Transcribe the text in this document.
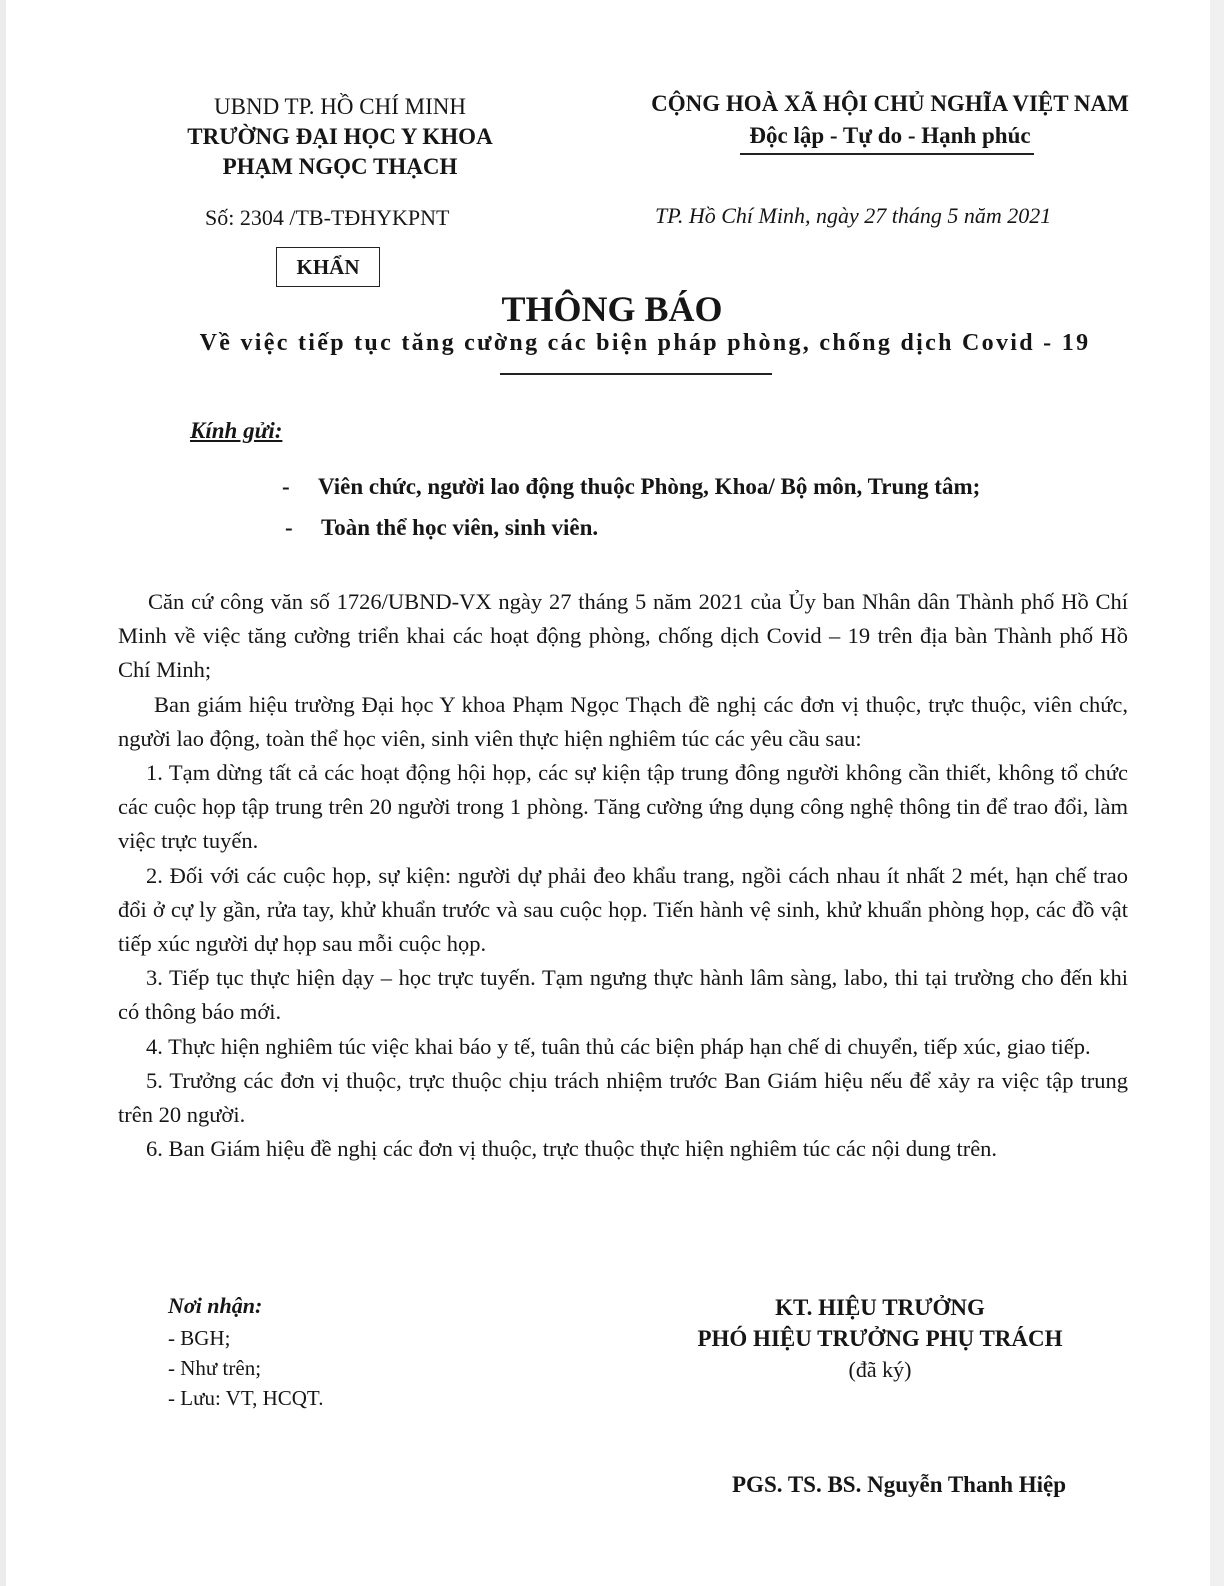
UBND TP. HỒ CHÍ MINH
TRƯỜNG ĐẠI HỌC Y KHOA
PHẠM NGỌC THẠCH
CỘNG HOÀ XÃ HỘI CHỦ NGHĨA VIỆT NAM
Độc lập - Tự do - Hạnh phúc
Số: 2304 /TB-TĐHYKPNT	TP. Hồ Chí Minh, ngày 27 tháng 5 năm 2021
KHẨN
THÔNG BÁO
Về việc tiếp tục tăng cường các biện pháp phòng, chống dịch Covid - 19
Kính gửi:
- Viên chức, người lao động thuộc Phòng, Khoa/ Bộ môn, Trung tâm;
- Toàn thể học viên, sinh viên.

Căn cứ công văn số 1726/UBND-VX ngày 27 tháng 5 năm 2021 của Ủy ban Nhân dân Thành phố Hồ Chí Minh về việc tăng cường triển khai các hoạt động phòng, chống dịch Covid – 19 trên địa bàn Thành phố Hồ Chí Minh;

Ban giám hiệu trường Đại học Y khoa Phạm Ngọc Thạch đề nghị các đơn vị thuộc, trực thuộc, viên chức, người lao động, toàn thể học viên, sinh viên thực hiện nghiêm túc các yêu cầu sau:

1. Tạm dừng tất cả các hoạt động hội họp, các sự kiện tập trung đông người không cần thiết, không tổ chức các cuộc họp tập trung trên 20 người trong 1 phòng. Tăng cường ứng dụng công nghệ thông tin để trao đổi, làm việc trực tuyến.

2. Đối với các cuộc họp, sự kiện: người dự phải đeo khẩu trang, ngồi cách nhau ít nhất 2 mét, hạn chế trao đổi ở cự ly gần, rửa tay, khử khuẩn trước và sau cuộc họp. Tiến hành vệ sinh, khử khuẩn phòng họp, các đồ vật tiếp xúc người dự họp sau mỗi cuộc họp.

3. Tiếp tục thực hiện dạy – học trực tuyến. Tạm ngưng thực hành lâm sàng, labo, thi tại trường cho đến khi có thông báo mới.

4. Thực hiện nghiêm túc việc khai báo y tế, tuân thủ các biện pháp hạn chế di chuyển, tiếp xúc, giao tiếp.

5. Trưởng các đơn vị thuộc, trực thuộc chịu trách nhiệm trước Ban Giám hiệu nếu để xảy ra việc tập trung trên 20 người.

6. Ban Giám hiệu đề nghị các đơn vị thuộc, trực thuộc thực hiện nghiêm túc các nội dung trên.

Nơi nhận:
- BGH;
- Như trên;
- Lưu: VT, HCQT.
KT. HIỆU TRƯỞNG
PHÓ HIỆU TRƯỞNG PHỤ TRÁCH
(đã ký)
PGS. TS. BS. Nguyễn Thanh Hiệp
